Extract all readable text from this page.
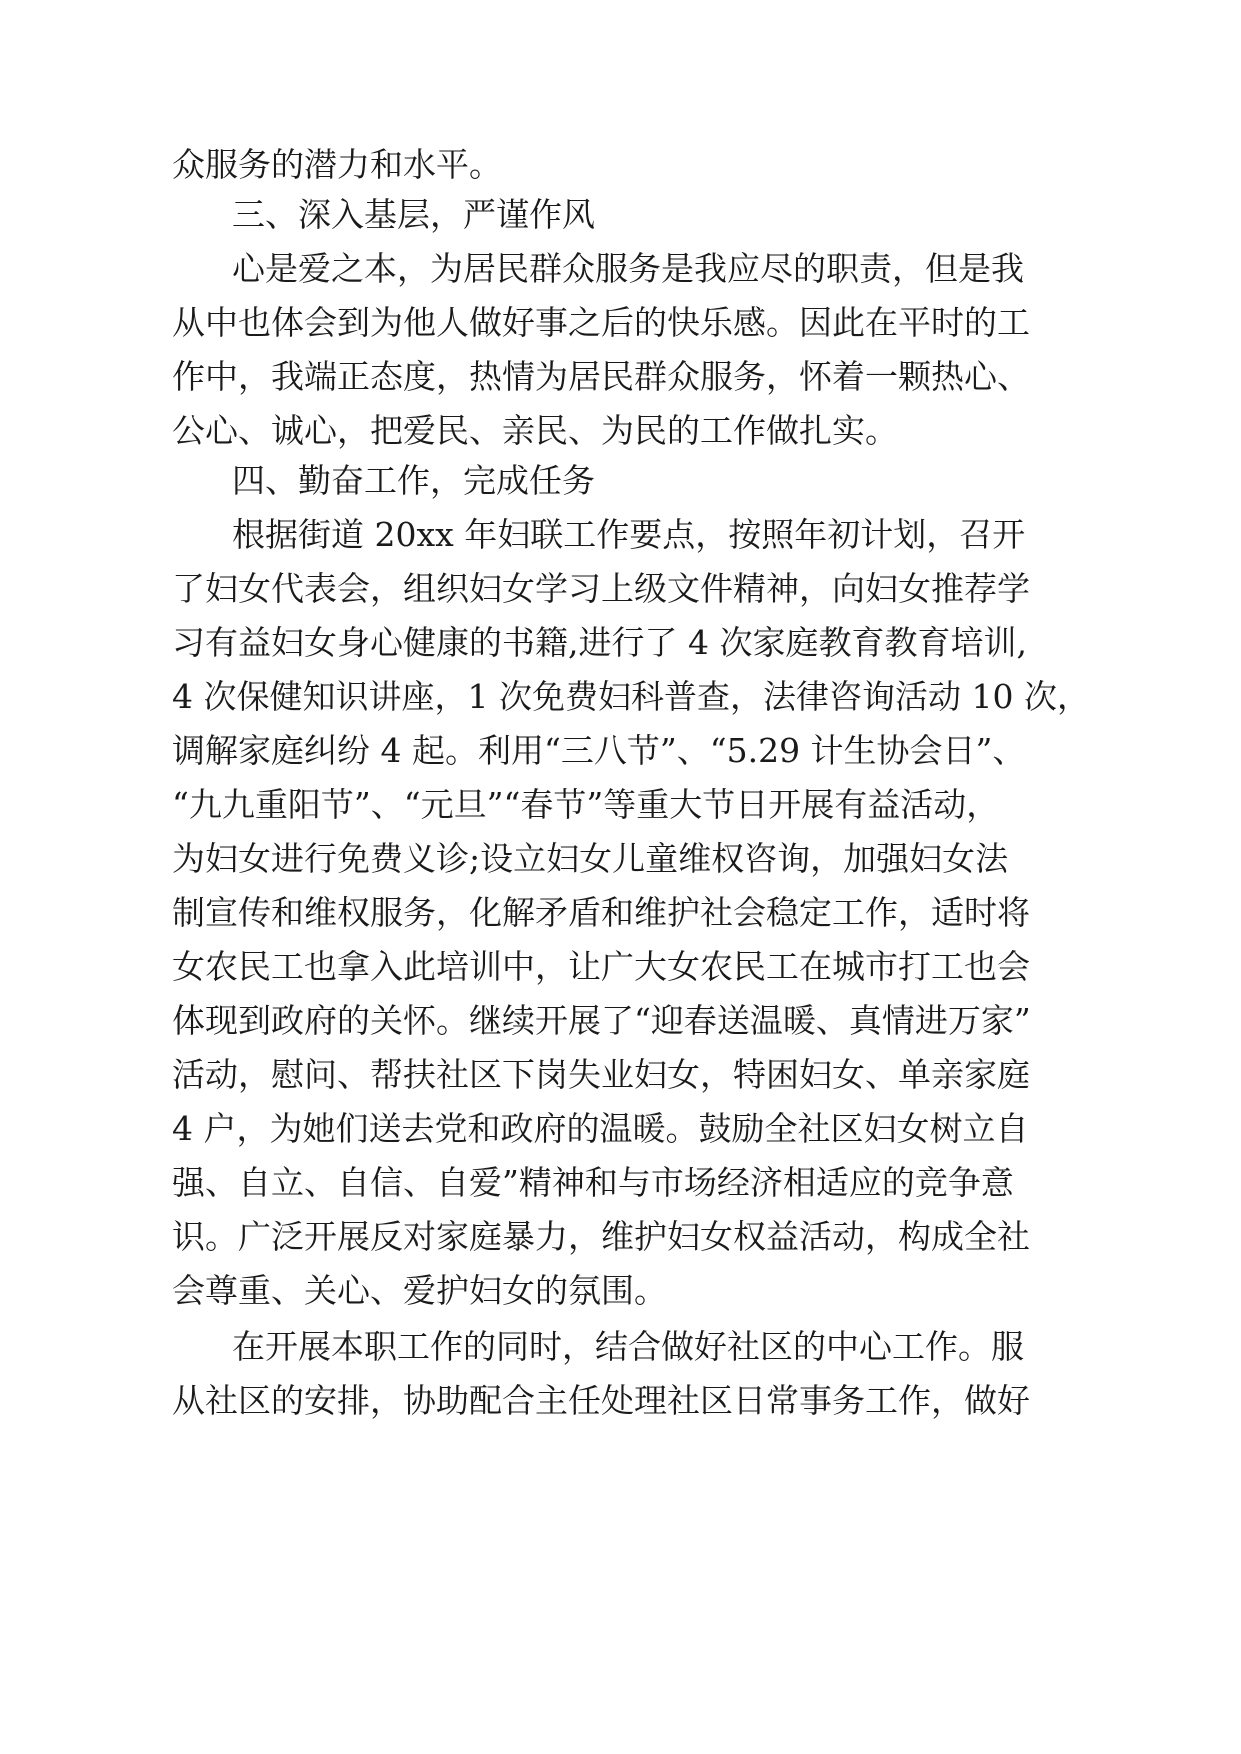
众服务的潜力和水平。
三、深入基层，严谨作风
心是爱之本，为居民群众服务是我应尽的职责，但是我
从中也体会到为他人做好事之后的快乐感。因此在平时的工
作中，我端正态度，热情为居民群众服务，怀着一颗热心、
公心、诚心，把爱民、亲民、为民的工作做扎实。
四、勤奋工作，完成任务
根据街道 20xx 年妇联工作要点，按照年初计划，召开
了妇女代表会，组织妇女学习上级文件精神，向妇女推荐学
习有益妇女身心健康的书籍,进行了 4 次家庭教育教育培训,
4 次保健知识讲座，1 次免费妇科普查，法律咨询活动 10 次，
调解家庭纠纷 4 起。利用“三八节”、“5.29 计生协会日”、
“九九重阳节”、“元旦”“春节”等重大节日开展有益活动，
为妇女进行免费义诊;设立妇女儿童维权咨询，加强妇女法
制宣传和维权服务，化解矛盾和维护社会稳定工作，适时将
女农民工也拿入此培训中，让广大女农民工在城市打工也会
体现到政府的关怀。继续开展了“迎春送温暖、真情进万家”
活动，慰问、帮扶社区下岗失业妇女，特困妇女、单亲家庭
4 户，为她们送去党和政府的温暖。鼓励全社区妇女树立自
强、自立、自信、自爱”精神和与市场经济相适应的竞争意
识。广泛开展反对家庭暴力，维护妇女权益活动，构成全社
会尊重、关心、爱护妇女的氛围。
在开展本职工作的同时，结合做好社区的中心工作。服
从社区的安排，协助配合主任处理社区日常事务工作，做好
